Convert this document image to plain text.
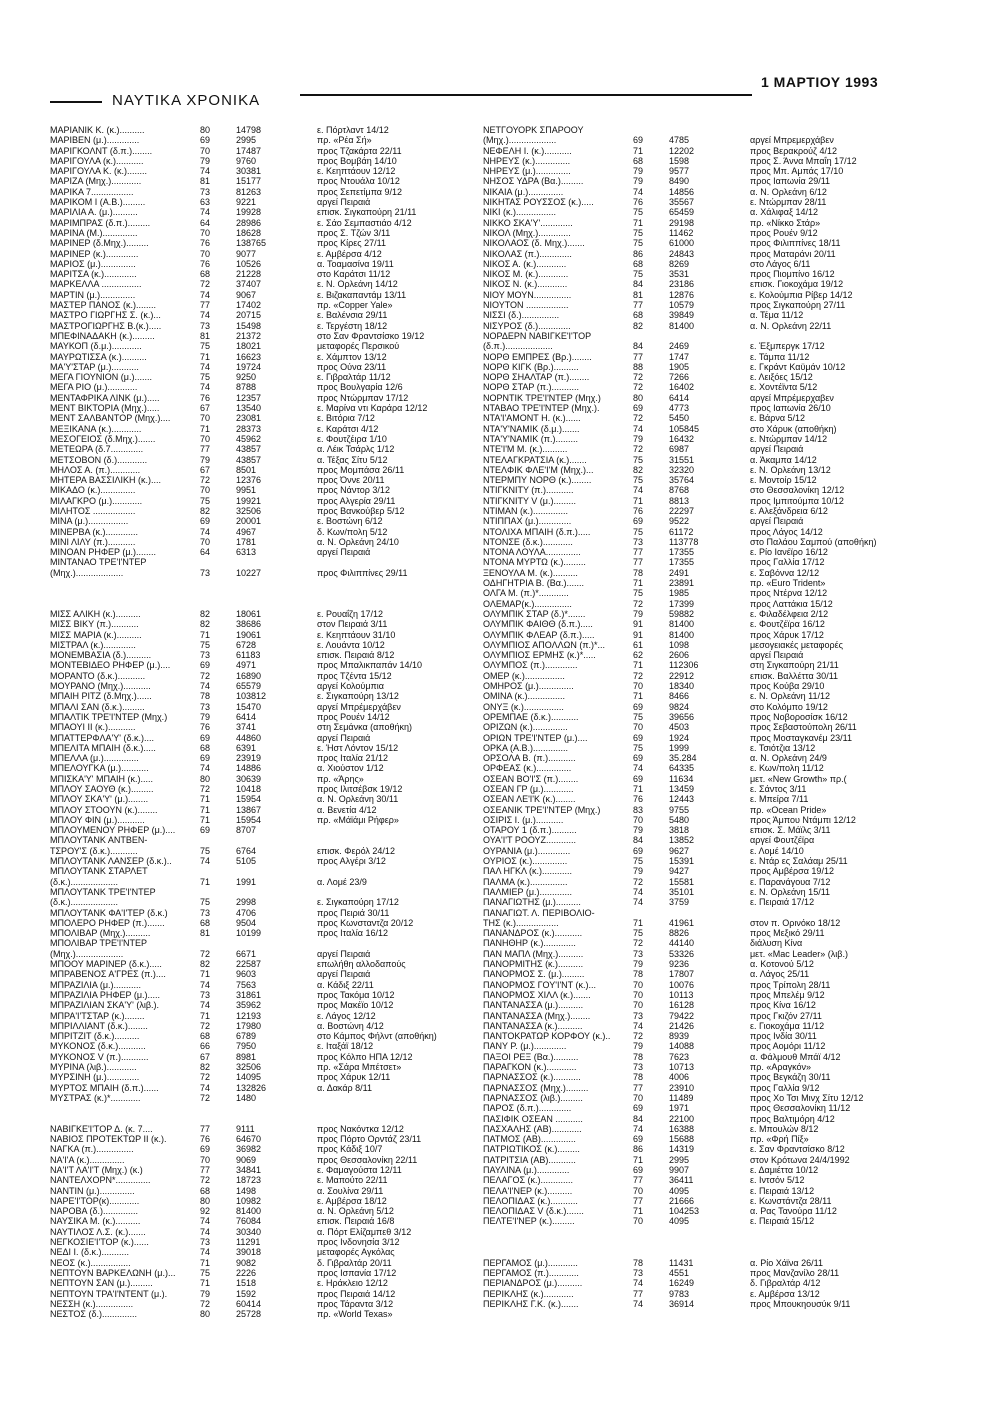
ΝΑΥΤΙΚΑ ΧΡΟΝΙΚΑ
1 ΜΑΡΤΙΟΥ 1993
ΜΑΡΙΑΝΙΚ Κ. (κ.)..........	80	14798	ε. Πόρτλαντ 14/12
ΜΑΡΙΒΕΝ (μ.).............	69	2995	πρ. «Ρέα Σή»
ΜΑΡΙΓΚΟΛΝΤ (δ.π.)........	70	17487	προς Τζακάρτα 22/11
ΜΑΡΙΓΟΥΛΑ (κ.)...........	79	9760	προς Βομβάη 14/10
ΜΑΡΙΓΟΥΛΑ Κ. (κ.)........	74	30381	ε. Κεηπτάουν 12/12
ΜΑΡΙΖΑ (Μηχ.)............	81	15177	προς Ντουάλα 10/12
ΜΑΡΙΚΑ 7.................	73	81263	προς Σεπετίμπα 9/12
ΜΑΡΙΚΟΜ Ι (Α.Β.).........	63	9221	αργεί Πειραιά
ΜΑΡΙΛΙΑ Α. (μ.)..........	74	19928	επισκ. Σιγκαπούρη 21/11
ΜΑΡΙΜΠΡΑΣ (δ.π.).........	64	28986	ε. Σάο Σεμπαστιάο 4/12
ΜΑΡΙΝΑ (Μ.)..............	70	18628	προς Σ. Τζών 3/11
ΜΑΡΙΝΕΡ (δ.Μηχ.).........	76	138765	προς Κίρες 27/11
ΜΑΡΙΝΕΡ (κ.).............	70	9077	ε. Αμβέρσα 4/12
ΜΑΡΙΟΣ (μ.)..............	76	10526	α. Τοαμασίνα 19/11
ΜΑΡΙΤΣΑ (κ.).............	68	21228	στο Καράτσι 11/12
ΜΑΡΚΕΛΛΑ ................	72	37407	ε. Ν. Ορλεάνη 14/12
ΜΑΡΤΙΝ (μ.)..............	74	9067	ε. Βιζακαπαντάμ 13/11
ΜΑΣΤΕΡ ΠΑΝΟΣ (κ.)........	77	17402	πρ. «Copper Yale»
ΜΑΣΤΡΟ ΓΙΩΡΓΗΣ Σ. (κ.)...	74	20715	ε. Βαλένσια 29/11
ΜΑΣΤΡΟΓΙΩΡΓΗΣ Β.(κ.).....	73	15498	ε. Τεργέστη 18/12
ΜΠΕΦΙΝΑΔΑΚΗ (κ.).........	81	21372	στο Σαν Φραντσίσκο 19/12
ΜΑΥΚΟΠ (δ.μ.)............	75	18021	μεταφορές Περσικού
ΜΑΥΡΩΤΙΣΣΑ (κ.)..........	71	16623	ε. Χάμπτον 13/12
ΜΑ'Υ'ΣΤΑΡ (μ.)...........	74	19724	προς Ούνα 23/11
ΜΕΓΑ ΓΙΟΥΝΙΟΝ (μ.).......	75	9250	ε. Γιβραλτάρ 11/12
ΜΕΓΑ ΡΙΟ (μ.)............	74	8788	προς Βουλγαρία 12/6
ΜΕΝΤΑΦΡΙΚΑ ΛΙΝΚ (μ.).....	76	12357	προς Ντώρμπαν 17/12
ΜΕΝΤ ΒΙΚΤΟΡΙΑ (Μηχ.).....	67	13540	ε. Μαρίνα ντι Καράρα 12/12
ΜΕΝΤ ΣΑΛΒΑΝΤΟΡ (Μηχ.)....	70	23081	ε. Βιτόρια 7/12
ΜΕΞΙΚΑΝΑ (κ.)............	71	28373	ε. Καράτσι 4/12
ΜΕΣΟΓΕΙΟΣ (δ.Μηχ.).......	70	45962	ε. Φουτζέιρα 1/10
ΜΕΤΕΩΡΑ (δ.7.............	77	43857	α. Λέικ Τσάρλς 1/12
ΜΕΤΣΟΒΟΝ (δ.)............	79	43857	α. Τέξας Σίτυ 5/12
ΜΗΛΟΣ Α. (π.)............	67	8501	προς Μομπάσα 26/11
ΜΗΤΕΡΑ ΒΑΣΣΙΛΙΚΗ (κ.)....	72	12376	προς Όννε 20/11
ΜΙΚΑΔΟ (κ.)..............	70	9951	προς Νάντορ 3/12
ΜΙΛΑΓΚΡΟ (μ.)............	75	19921	προς Αλγερία 29/11
ΜΙΛΗΤΟΣ .................	82	32506	προς Βανκούβερ 5/12
ΜΙΝΑ (μ.)................	69	20001	ε. Βοστώνη 6/12
ΜΙΝΕΡΒΑ (κ.).............	74	4967	δ. Κων/πολη 5/12
ΜΙΝΙ ΛΙΛΥ (π.)...........	70	1781	α. Ν. Ορλεάνη 24/10
ΜΙΝΟΑΝ ΡΗΦΕΡ (μ.)........	64	6313	αργεί Πειραιά
ΜΙΝΤΑΝΑΟ ΤΡΕ'Ι'ΝΤΕΡ
(Μηχ.)...................	73	10227	προς Φιλιππίνες 29/11
ΜΙΣΣ ΑΛΙΚΗ (κ.)..........	82	18061	ε. Ρουαΐζη 17/12
ΜΙΣΣ ΒΙΚΥ (π.)...........	82	38686	στον Πειραιά 3/11
ΜΙΣΣ ΜΑΡΙΑ (κ.)..........	71	19061	ε. Κεηπτάουν 31/10
ΜΙΣΤΡΑΛ (κ.).............	75	6728	ε. Λουάντα 10/12
ΜΟΝΕΜΒΑΣΙΑ (δ.)..........	73	61183	επισκ. Πειραιά 8/12
ΜΟΝΤΕΒΙΔΕΟ ΡΗΦΕΡ (μ.)....	69	4971	προς Μπαλικπαπάν 14/10
ΜΟΡΑΝΤΟ (δ.κ.)...........	72	16890	προς Τζέντα 15/12
ΜΟΥΡΑΝΟ (Μηχ.)...........	74	65579	αργεί Κολούμπια
ΜΠΑΙΗ ΡΙΤΖ (δ.Μηχ.)......	78	103812	ε. Σιγκαπούρη 13/12
ΜΠΑΛΙ ΣΑΝ (δ.κ.).........	73	15470	αργεί Μπρέμερχάβεν
ΜΠΑΛΤΙΚ ΤΡΕ'Ι'ΝΤΕΡ (Μηχ.)	79	6414	προς Ρουέν 14/12
ΜΠΑΟΥΙ ΙΙ (κ.)...........	76	3741	στη Σεμάνκα (αποθήκη)
ΜΠΑΤΤΕΡΦΛΑ'Υ' (δ.κ.)....	69	44860	αργεί Πειραιά
ΜΠΕΛΙΤΑ ΜΠΑΙΗ (δ.κ.).....	68	6391	ε. Ήστ Λόντον 15/12
ΜΠΕΛΛΑ (μ.)..............	69	23919	προς Ιταλία 21/12
ΜΠΕΛΟΥΓΚΑ (μ.)...........	74	14886	α. Χιούστον 1/12
ΜΠΙΣΚΑ'Υ' ΜΠΑΙΗ (κ.).....	80	30639	πρ. «Άρης»
ΜΠΛΟΥ ΣΑΟΥΘ (κ.).........	72	10418	προς Ιλιτσέβσκ 19/12
ΜΠΛΟΥ ΣΚΑ'Υ' (μ.)........	71	15954	α. Ν. Ορλεάνη 30/11
ΜΠΛΟΥ ΣΤΟΟΥΝ (κ.)........	71	13867	α. Βενετία 4/12
ΜΠΛΟΥ ΦΙΝ (μ.)...........	71	15954	πρ. «Μάϊάμι Ρήφερ»
ΜΠΛΟΥΜΕΝΟΥ ΡΗΦΕΡ (μ.)....	69	8707
ΜΠΛΟΥΤΑΝΚ ΑΝΤΒΕΝ-
ΤΣΡΟΥ'Σ (δ.κ.)...........	75	6764	επισκ. Φερόλ 24/12
ΜΠΛΟΥΤΑΝΚ ΛΑΝΣΕΡ (δ.κ.)..	74	5105	προς Αλγέρι 3/12
ΜΠΛΟΥΤΑΝΚ ΣΤΑΡΛΕΤ
(δ.κ.)...................	71	1991	α. Λομέ 23/9
ΜΠΛΟΥΤΑΝΚ ΤΡΕ'Ι'ΝΤΕΡ
(δ.κ.)...................	75	2998	ε. Σιγκαπούρη 17/12
ΜΠΛΟΥΤΑΝΚ ΦΑ'Ι'ΤΕΡ (δ.κ.)	73	4706	προς Πειριά 30/11
ΜΠΟΛΕΡΟ ΡΗΦΕΡ (π.).......	68	9504	προς Κωνσταντζα 20/12
ΜΠΟΛΙΒΑΡ (Μηχ.)..........	81	10199	προς Ιταλία 16/12
ΜΠΟΛΙΒΑΡ ΤΡΕ'Ι'ΝΤΕΡ
(Μηχ.)...................	72	6671	αργεί Πειραιά
ΜΠΟΟΥ ΜΑΡΙΝΕΡ (δ.κ.).....	82	22587	επωλήθη αλλοδαπούς
ΜΠΡΑΒΕΝΟΣ Α'ΓΡΕΣ (π.)....	71	9603	αργεί Πειραιά
ΜΠΡΑΖΙΛΙΑ (μ.)...........	74	7563	α. Κάδιξ 22/11
ΜΠΡΑΖΙΛΙΑ ΡΗΦΕΡ (μ.).....	73	31861	προς Τακόμα 10/12
ΜΠΡΑΖΙΛΙΑΝ ΣΚΑ'Υ' (λιβ.).	74	35962	προς Μακέϊο 10/12
ΜΠΡΑ'Ι'ΤΣΤΑΡ (κ.)........	71	12193	ε. Λάγος 12/12
ΜΠΡΙΛΛΙΑΝΤ (δ.κ.)........	72	17980	α. Βοστώνη 4/12
ΜΠΡΙΤΖΙΤ (δ.κ.)..........	68	6789	στο Κάμπος Φήλντ (αποθήκη)
ΜΥΚΟΝΟΣ (δ.κ.)...........	66	7950	ε. Ιταξάϊ 18/12
ΜΥΚΟΝΟΣ V (π.)...........	67	8981	προς Κόλπο ΗΠΑ 12/12
ΜΥΡΙΝΑ (λιβ.)............	82	32506	πρ. «Σάρα Μπέτσετ»
ΜΥΡΣΙΝΗ (μ.).............	72	14095	προς Χάρυκ 12/11
ΜΥΡΤΟΣ ΜΠΑΙΗ (δ.π.)......	74	132826	α. Δακάρ 8/11
ΜΥΣΤΡΑΣ (κ.)*............	72	1480
ΝΑΒΙΓΚΕ'Ι'ΤΟΡ Δ. (κ. 7....	77	9111	προς Νακόντκα 12/12
ΝΑΒΙΟΣ ΠΡΟΤΕΚΤΩΡ ΙΙ (κ.).	76	64670	προς Πόρτο Ορντάζ 23/11
ΝΑΓΚΑ (π.)...............	69	36982	προς Κάδιξ 10/7
ΝΑ'Ι'Α (κ.)..............	70	9069	προς Θεσσαλονίκη 22/11
ΝΑ'Ι'Τ ΛΑ'Ι'Τ (Μηχ.) (κ.)	77	34841	ε. Φαμαγούστα 12/11
ΝΑΝΤΕΛΧΟΡΝ*..............	72	18723	ε. Μαπούτο 22/11
ΝΑΝΤΙΝ (μ.)..............	68	1498	α. Σουλίνα 29/11
ΝΑΡΕ'Ι'ΤΟΡ(κ)............	80	10982	ε. Αμβέρσα 18/12
ΝΑΡΟΒΑ (δ.)..............	92	81400	α. Ν. Ορλεάνη 5/12
ΝΑΥΣΙΚΑ Μ. (κ.)..........	74	76084	επισκ. Πειραιά 16/8
ΝΑΥΤΙΛΟΣ Λ.Σ. (κ.).......	74	30340	α. Πόρτ Ελίζαμπεθ 3/12
ΝΕΓΚΟΣΙΕ'Ι'ΤΟΡ (κ.)......	73	11291	προς Ινδονησία 3/12
ΝΕΔΙ Ι. (δ.κ.)...........	74	39018	μεταφορές Αγκόλας
ΝΕΟΣ (κ.)................	71	9082	δ. Γιβραλτάρ 20/11
ΝΕΠΤΟΥΝ ΒΑΡΚΕΛΩΝΗ (μ.)...	75	2226	προς Ισπανία 17/12
ΝΕΠΤΟΥΝ ΣΑΝ (μ.).........	71	1518	ε. Ηράκλειο 12/12
ΝΕΠΤΟΥΝ ΤΡΑ'Ι'ΝΤΕΝΤ (μ.).	79	1592	προς Πειραιά 14/12
ΝΕΣΣΗ (κ.)...............	72	60414	προς Τάραντα 3/12
ΝΕΣΤΟΣ (δ.)..............	80	25728	πρ. «World Texas»
ΝΕΤΓΟΥΟΡΚ ΣΠΑΡΟΟΥ
(Μηχ.)...................	69	4785	αργεί Μπρεμερχάβεν
ΝΕΦΕΛΗ Ι. (κ.)...........	71	12202	προς Βερακρούζ 4/12
ΝΗΡΕΥΣ (κ.)..............	68	1598	προς Σ. Άννα Μπαΐη 17/12
ΝΗΡΕΥΣ (μ.)..............	79	9577	προς Μπ. Αμπάς 17/10
ΝΗΣΟΣ ΥΔΡΑ (Βα.).........	79	8490	προς Ιαπωνία 29/11
ΝΙΚΑΙΑ (μ.)..............	74	14856	α. Ν. Ορλεάνη 6/12
ΝΙΚΗΤΑΣ ΡΟΥΣΣΟΣ (κ.).....	76	35567	ε. Ντώρμπαν 28/11
ΝΙΚΙ (κ.)................	75	65459	α. Χάλιφαξ 14/12
ΝΙΚΚΟ ΣΚΑ'Υ'.............	71	29198	πρ. «Νίκκο Στάρ»
ΝΙΚΟΛ (Μηχ.).............	75	11462	προς Ρουέν 9/12
ΝΙΚΟΛΑΟΣ (δ. Μηχ.).......	75	61000	προς Φιλιππίνες 18/11
ΝΙΚΟΛΑΣ (π.).............	86	24843	προς Ματαράνι 20/11
ΝΙΚΟΣ Α. (κ.)............	68	8269	στο Λάγος 6/11
ΝΙΚΟΣ Μ. (κ.)............	75	3531	προς Πιομπίνο 16/12
ΝΙΚΟΣ Ν. (κ.)............	84	23186	επισκ. Γιοκοχάμα 19/12
ΝΙΟΥ ΜΟΥΝ...............	81	12876	ε. Κολούμπια Ρίβερ 14/12
ΝΙΟΥΤΟΝ .................	77	10579	προς Σιγκαπούρη 27/11
ΝΙΣΣΙ (δ.)...............	68	39849	α. Τέμα 11/12
ΝΙΣΥΡΟΣ (δ.).............	82	81400	α. Ν. Ορλεάνη 22/11
ΝΟΡΔΕΡΝ ΝΑΒΙΓΚΕ'Ι'ΤΟΡ
(δ.π.)...................	84	2469	ε. Έξμπεργκ 17/12
ΝΟΡΘ ΕΜΠΡΕΣ (Βρ.)........	77	1747	ε. Τάμπα 11/12
ΝΟΡΘ ΚΙΓΚ (Βρ.)..........	88	1905	ε. Γκράντ Καϋμάν 10/12
ΝΟΡΘ ΣΗΑΛΤΑΡ (π.)........	72	7266	ε. Λειξόες 15/12
ΝΟΡΘ ΣΤΑΡ (π.)...........	72	16402	ε. Χοντέϊντα 5/12
ΝΟΡΝΤΙΚ ΤΡΕ'Ι'ΝΤΕΡ (Μηχ.)	80	6414	αργεί Μπρέμερχαβεν
ΝΤΑΒΑΟ ΤΡΕ'Ι'ΝΤΕΡ (Μηχ.).	69	4773	προς Ιαπωνία 26/10
ΝΤΑ'Ι'ΑΜΟΝΤ Η. (κ.)......	72	5450	ε. Βάρνα 5/12
ΝΤΑ'Υ'ΝΑΜΙΚ (δ.μ.).......	74	105845	στο Χάρυκ (αποθήκη)
ΝΤΑ'Υ'ΝΑΜΙΚ (π.).........	79	16432	ε. Ντώρμπαν 14/12
ΝΤΕ'Ι'Μ Μ. (κ.)..........	72	6987	αργεί Πειραιά
ΝΤΕΛΑΓΚΡΑΤΣΙΑ (κ.).......	75	31551	α. Άκαμπα 14/12
ΝΤΕΛΦΙΚ ΦΛΕ'Ι'Μ (Μηχ.)...	82	32320	ε. Ν. Ορλεάνη 13/12
ΝΤΕΡΜΠΥ ΝΟΡΘ (κ.)........	75	35764	ε. Μοντοίρ 15/12
ΝΤΙΓΚΝΙΤΥ (π.)...........	74	8768	στο Θεσσαλονίκη 12/12
ΝΤΙΓΚΝΙΤΥ V (μ.).........	71	8813	προς Ιμπιτούμπα 10/12
ΝΤΙΜΑΝ (κ.)..............	76	22297	ε. Αλεξάνδρεια 6/12
ΝΤΙΠΠΑΧ (μ.).............	69	9522	αργεί Πειραιά
ΝΤΟΛΙΧΑ ΜΠΑΙΗ (δ.π.).....	75	61172	προς Λάγος 14/12
ΝΤΟΝΣΕ (δ.κ.)............	73	113778	στο Παλάου Σαμπού (αποθήκη)
ΝΤΟΝΑ ΛΟΥΛΑ..............	77	17355	ε. Ρίο Ιανέϊρο 16/12
ΝΤΟΝΑ ΜΥΡΤΩ (κ.).........	77	17355	προς Γαλλία 17/12
ΞΕΝΟΥΛΑ Μ. (κ.)..........	78	2491	ε. Σαβόννα 12/12
ΟΔΗΓΗΤΡΙΑ Β. (Βα.).......	71	23891	πρ. «Euro Trident»
ΟΛΓΑ Μ. (π.)*............	75	1985	προς Ντέρνα 12/12
ΟΛΕΜΑΡ(κ.)...............	72	17399	προς Λαττάκια 15/12
ΟΛΥΜΠΙΚ ΣΤΑΡ (δ.)*.......	79	59882	ε. Φιλαδέλφεια 2/12
ΟΛΥΜΠΙΚ ΦΑΙΘΘ (δ.π.).....	91	81400	ε. Φουτζέϊρα 16/12
ΟΛΥΜΠΙΚ ΦΛΕΑΡ (δ.π.).....	91	81400	προς Χάρυκ 17/12
ΟΛΥΜΠΙΟΣ ΑΠΟΛΛΩΝ (π.)*...	61	1098	μεσογειακές μεταφορές
ΟΛΥΜΠΙΟΣ ΕΡΜΗΣ (κ.)*.....	62	2606	αργεί Πειραιά
ΟΛΥΜΠΟΣ (π.).............	71	112306	στη Σιγκαπούρη 21/11
ΟΜΕΡ (κ.)................	72	22912	επισκ. Βαλλέττα 30/11
ΟΜΗΡΟΣ (μ.)..............	70	18340	προς Κούβα 29/10
ΟΜΙΝΑ (κ.)...............	71	8466	ε. Ν. Ορλεάνη 11/12
ΟΝΥΞ (κ.)................	69	9824	στο Κολόμπο 19/12
ΟΡΕΜΠΑΕ (δ.κ.)...........	75	39656	προς Νοβοροσίσκ 16/12
ΟΡΙΖΩΝ (κ.)..............	70	4503	προς Σεβαστούπολη 26/11
ΟΡΙΩΝ ΤΡΕ'Ι'ΝΤΕΡ (μ.)....	69	1924	προς Μοσταγκανέμ 23/11
ΟΡΚΑ (Α.Β.)..............	75	1999	ε. Τσιότζια 13/12
ΟΡΣΟΛΑ Β. (π.)...........	69	35.284	α. Ν. Ορλεάνη 24/9
ΟΡΦΕΑΣ (κ.)..............	74	64335	ε. Κων/πολη 11/12
ΟΣΕΑΝ ΒΟ'Ι'Σ (π.)........	69	11634	μετ. «New Growth» πρ.(
ΟΣΕΑΝ ΓΡ (μ.)............	71	13459	ε. Σάντος 3/11
ΟΣΕΑΝ ΛΕ'Ι'Κ (κ.)........	76	12443	ε. Μπείρα 7/11
ΟΣΕΑΝΙΚ ΤΡΕ'Ι'ΝΤΕΡ (Μηχ.)	83	9755	πρ. «Ocean Pride»
ΟΣΙΡΙΣ Ι. (μ.)...........	70	5480	προς Άμπου Ντάμπι 12/12
ΟΤΑΡΟΥ 1 (δ.π.)..........	79	3818	επισκ. Σ. Μάϊλς 3/11
ΟΥΑ'Ι'Τ ΡΟΟΥΖ............	84	13852	αργεί Φουτζέϊρα
ΟΥΡΑΝΙΑ (μ.).............	69	9627	ε. Λομέ 14/10
ΟΥΡΙΟΣ (κ.)..............	75	15391	ε. Ντάρ ες Σαλάαμ 25/11
ΠΑΛ ΗΓΚΛ (κ.)............	79	9427	προς Αμβέρσα 19/12
ΠΑΛΜΑ (κ.)...............	72	15581	ε. Παρανάγουα 7/12
ΠΑΛΜΙΕΡ (μ.).............	74	35101	ε. Ν. Ορλεάνη 15/11
ΠΑΝΑΓΙΩΤΗΣ (μ.)..........	74	3759	ε. Πειραιά 17/12
ΠΑΝΑΓΙΩΤ. Λ. ΠΕΡΙΒΟΛΙΟ-
ΤΗΣ (κ.).................	71	41961	στον π. Ορινόκο 18/12
ΠΑΝΑΝΔΡΟΣ (κ.)...........	75	8826	προς Μεξικό 29/11
ΠΑΝΗΘΗΡ (κ.).............	72	44140	διάλυση Κίνα
ΠΑΝ ΜΑΠΛ (Μηχ.)..........	73	53326	μετ. «Mac Leader» (λιβ.)
ΠΑΝΟΡΜΙΤΗΣ (κ.)..........	79	9236	α. Κοτονού 5/12
ΠΑΝΟΡΜΟΣ Σ. (μ.).........	78	17807	α. Λάγος 25/11
ΠΑΝΟΡΜΟΣ ΓΟΥ'Ι'ΝΤ (κ.)...	70	10076	προς Τρίπολη 28/11
ΠΑΝΟΡΜΟΣ ΧΙΛΛ (κ.).......	70	10113	προς Μπελέμ 9/12
ΠΑΝΤΑΝΑΣΣΑ (μ.)..........	70	16128	προς Κίνα 16/12
ΠΑΝΤΑΝΑΣΣΑ (Μηχ.)........	73	79422	προς Γκιζόν 27/11
ΠΑΝΤΑΝΑΣΣΑ (κ.)..........	74	21426	ε. Γιοκοχάμα 11/12
ΠΑΝΤΟΚΡΑΤΩΡ ΚΟΡΦΟΥ (κ.)..	72	8939	προς Ινδία 30/11
ΠΑΝΥ Ρ. (μ.).............	79	14088	προς Αομόρι 11/12
ΠΑΞΟΙ ΡΕΞ (Βα.)..........	78	7623	α. Φάλμουθ Μπάϊ 4/12
ΠΑΡΑΓΚΟΝ (κ.)............	73	10713	πρ. «Αραγκόν»
ΠΑΡΝΑΣΣΟΣ (κ.)...........	78	4006	προς Βεγκάζη 30/11
ΠΑΡΝΑΣΣΟΣ (Μηχ.).........	77	23910	προς Γαλλία 9/12
ΠΑΡΝΑΣΣΟΣ (λιβ.).........	70	11489	προς Χο Τσι Μινχ Σίτυ 12/12
ΠΑΡΟΣ (δ.π.).............	69	1971	προς Θεσσαλονίκη 11/12
ΠΑΣΙΦΙΚ ΟΣΕΑΝ ...........	84	22100	προς Βαλτιμόρη 4/12
ΠΑΣΧΑΛΗΣ (ΑΒ)............	74	16388	ε. Μπουλών 8/12
ΠΑΤΜΟΣ (ΑΒ)..............	69	15688	πρ. «Φρή Πίξ»
ΠΑΤΡΙΩΤΙΚΟΣ (κ.).........	86	14319	ε. Σαν Φραντσίσκο 8/12
ΠΑΤΡΙΤΣΙΑ (ΑΒ)...........	71	2995	στον Κρότωνα 24/4/1992
ΠΑΥΛΙΝΑ (μ.).............	69	9907	ε. Δαμιέττα 10/12
ΠΕΛΑΓΟΣ (κ.).............	77	36411	ε. Ιντσόν 5/12
ΠΕΛΑ'Ι'ΝΕΡ (κ.)..........	70	4095	ε. Πειραιά 13/12
ΠΕΛΟΠΙΔΑΣ (κ.)...........	77	21666	ε. Κωνστάντζα 28/11
ΠΕΛΟΠΙΔΑΣ V (δ.κ.).......	71	104253	α. Ρας Τανούρα 11/12
ΠΕΛΤΕ'Ι'ΝΕΡ (κ.).........	70	4095	ε. Πειραιά 15/12
ΠΕΡΓΑΜΟΣ (μ.)............	78	11431	α. Ρίο Χάϊνα 26/11
ΠΕΡΓΑΜΟΣ (π.)............	73	4551	προς Μανζανίλο 28/11
ΠΕΡΙΑΝΔΡΟΣ (μ.)..........	74	16249	δ. Γιβραλτάρ 4/12
ΠΕΡΙΚΛΗΣ (κ.)............	77	9783	ε. Αμβέρσα 13/12
ΠΕΡΙΚΛΗΣ Γ.Κ. (κ.).......	74	36914	προς Μπουκηουσύκ 9/11
